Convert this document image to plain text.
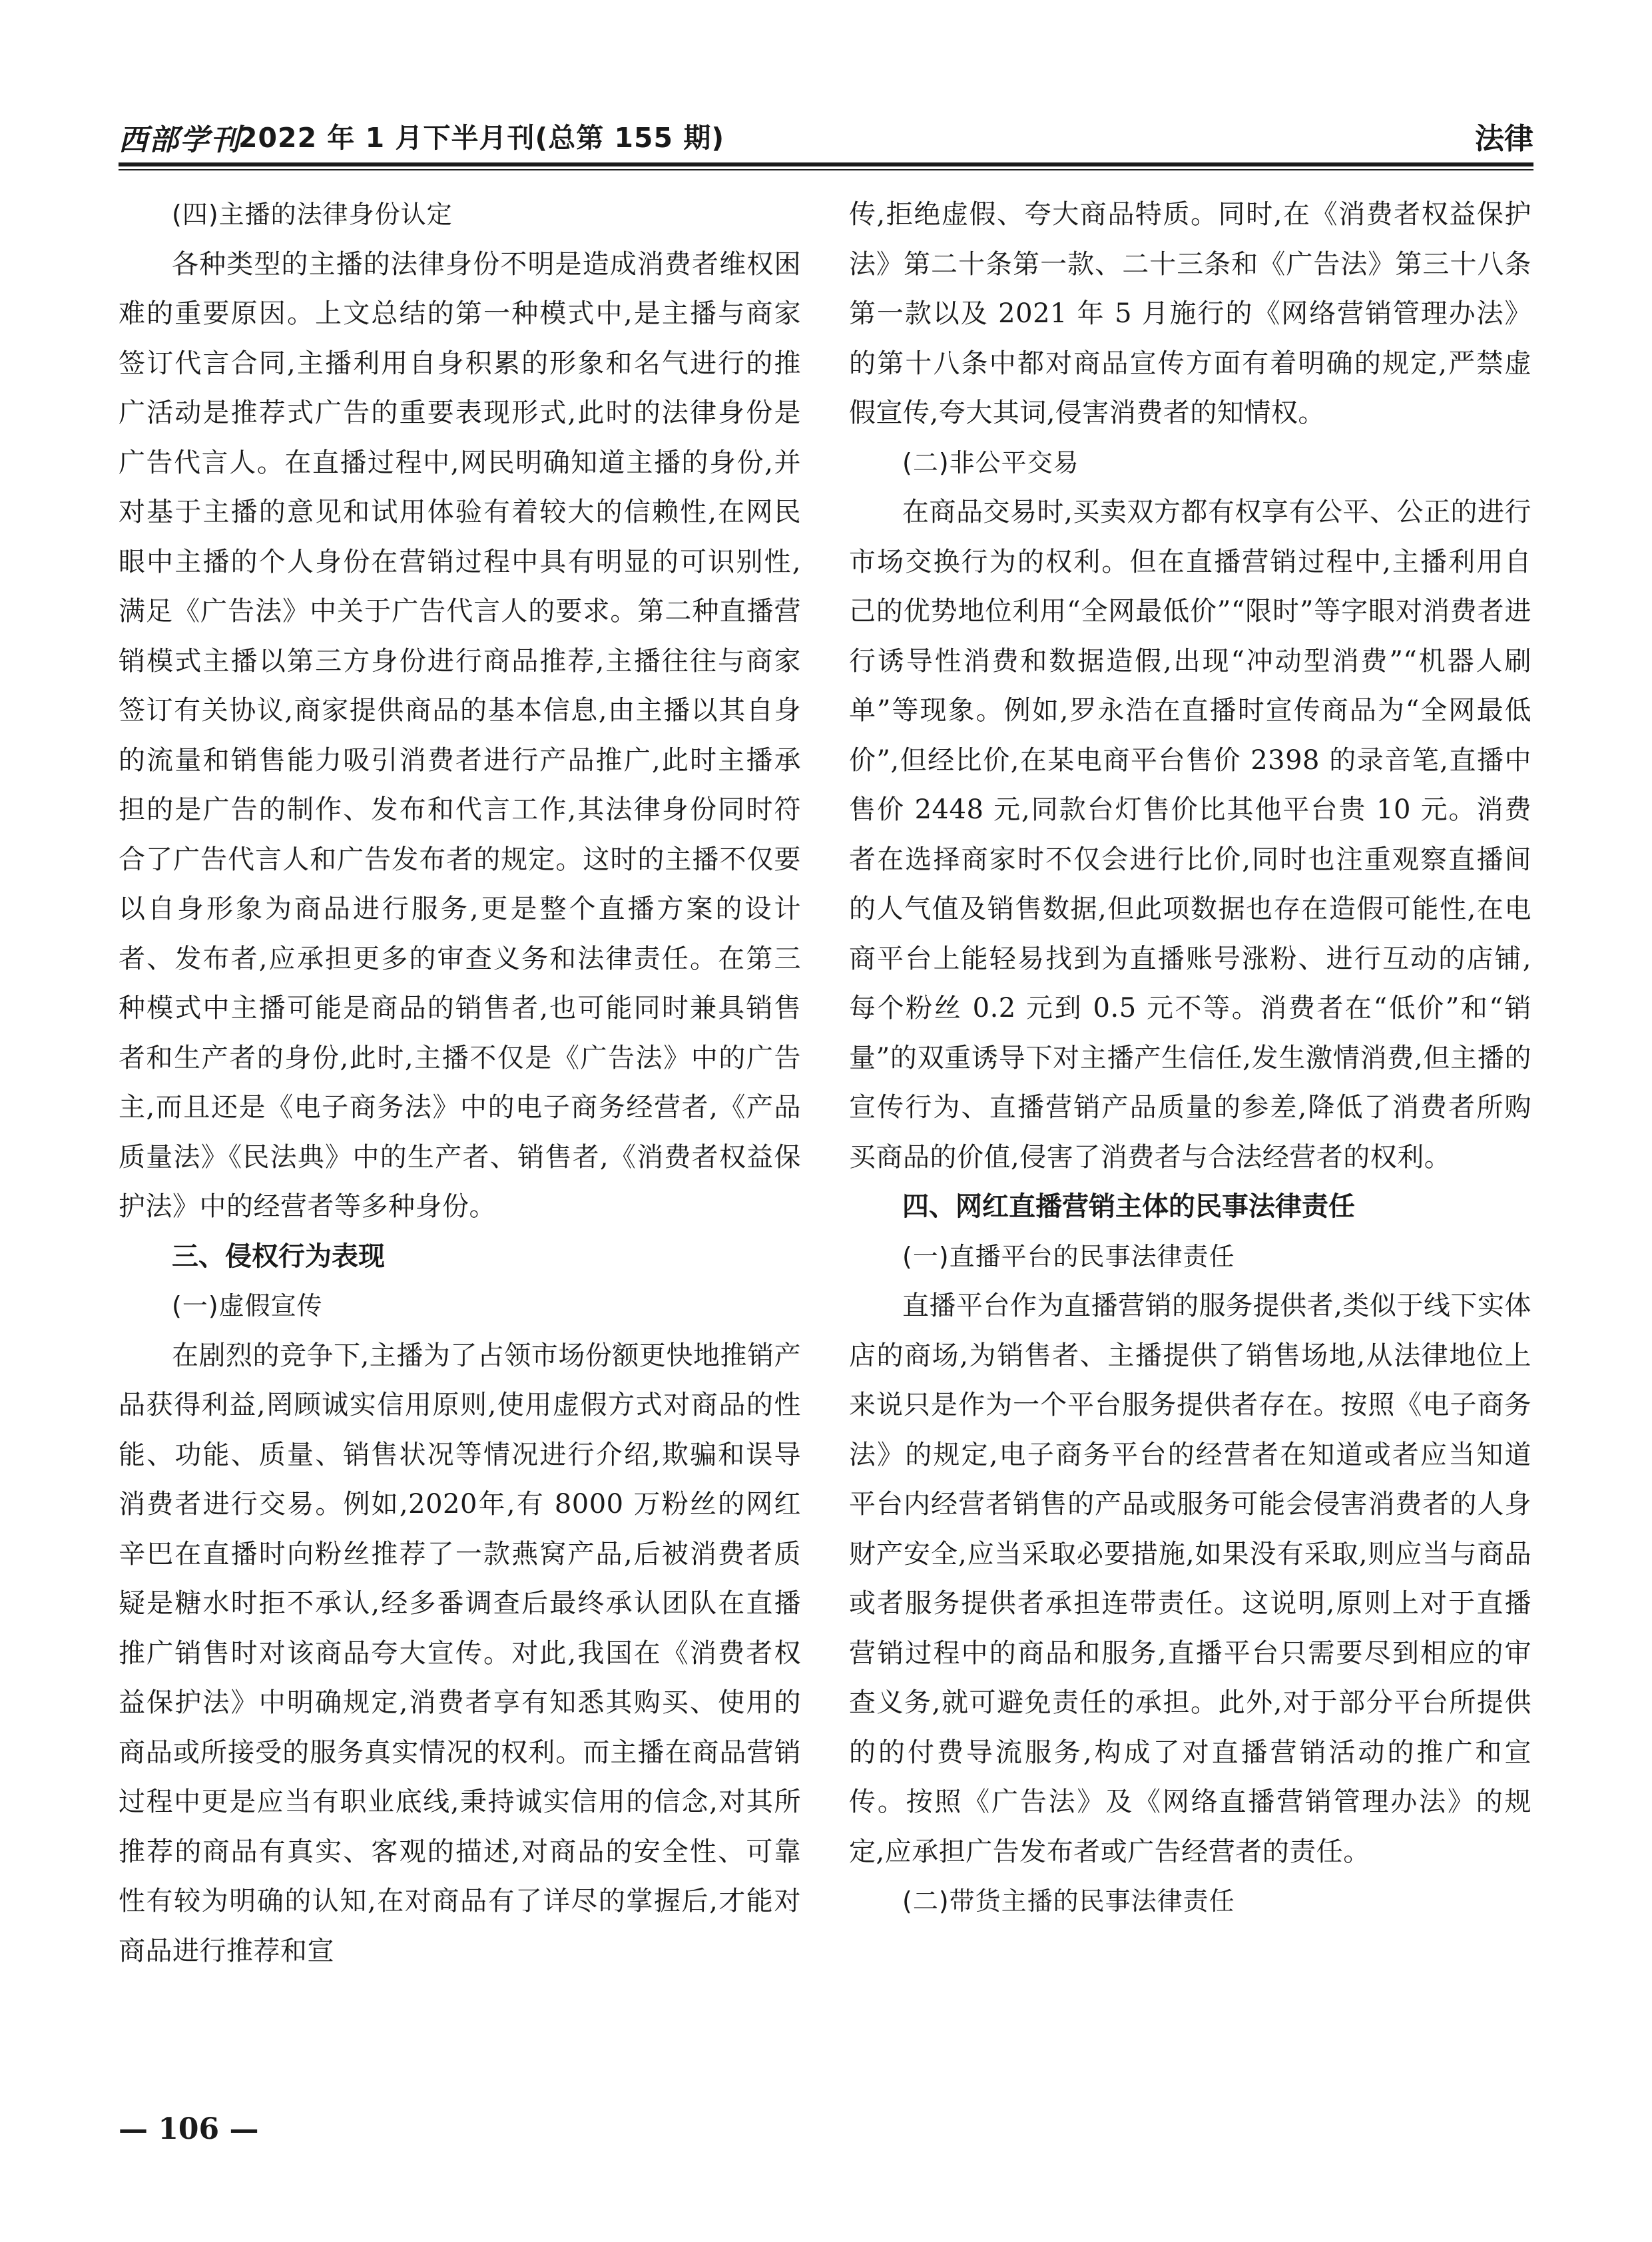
西部学刊
2022 年 1 月下半月刊(总第 155 期)	法律

(四)主播的法律身份认定

各种类型的主播的法律身份不明是造成消费者维权困难的重要原因。上文总结的第一种模式中,是主播与商家签订代言合同,主播利用自身积累的形象和名气进行的推广活动是推荐式广告的重要表现形式,此时的法律身份是广告代言人。在直播过程中,网民明确知道主播的身份,并对基于主播的意见和试用体验有着较大的信赖性,在网民眼中主播的个人身份在营销过程中具有明显的可识别性,满足《广告法》中关于广告代言人的要求。第二种直播营销模式主播以第三方身份进行商品推荐,主播往往与商家签订有关协议,商家提供商品的基本信息,由主播以其自身的流量和销售能力吸引消费者进行产品推广,此时主播承担的是广告的制作、发布和代言工作,其法律身份同时符合了广告代言人和广告发布者的规定。这时的主播不仅要以自身形象为商品进行服务,更是整个直播方案的设计者、发布者,应承担更多的审查义务和法律责任。在第三种模式中主播可能是商品的销售者,也可能同时兼具销售者和生产者的身份,此时,主播不仅是《广告法》中的广告主,而且还是《电子商务法》中的电子商务经营者,《产品质量法》《民法典》中的生产者、销售者,《消费者权益保护法》中的经营者等多种身份。

三、侵权行为表现

(一)虚假宣传

在剧烈的竞争下,主播为了占领市场份额更快地推销产品获得利益,罔顾诚实信用原则,使用虚假方式对商品的性能、功能、质量、销售状况等情况进行介绍,欺骗和误导消费者进行交易。例如,2020年,有 8000 万粉丝的网红辛巴在直播时向粉丝推荐了一款燕窝产品,后被消费者质疑是糖水时拒不承认,经多番调查后最终承认团队在直播推广销售时对该商品夸大宣传。对此,我国在《消费者权益保护法》中明确规定,消费者享有知悉其购买、使用的商品或所接受的服务真实情况的权利。而主播在商品营销过程中更是应当有职业底线,秉持诚实信用的信念,对其所推荐的商品有真实、客观的描述,对商品的安全性、可靠性有较为明确的认知,在对商品有了详尽的掌握后,才能对商品进行推荐和宣

传,拒绝虚假、夸大商品特质。同时,在《消费者权益保护法》第二十条第一款、二十三条和《广告法》第三十八条第一款以及 2021 年 5 月施行的《网络营销管理办法》的第十八条中都对商品宣传方面有着明确的规定,严禁虚假宣传,夸大其词,侵害消费者的知情权。

(二)非公平交易

在商品交易时,买卖双方都有权享有公平、公正的进行市场交换行为的权利。但在直播营销过程中,主播利用自己的优势地位利用“全网最低价”“限时”等字眼对消费者进行诱导性消费和数据造假,出现“冲动型消费”“机器人刷单”等现象。例如,罗永浩在直播时宣传商品为“全网最低价”,但经比价,在某电商平台售价 2398 的录音笔,直播中售价 2448 元,同款台灯售价比其他平台贵 10 元。消费者在选择商家时不仅会进行比价,同时也注重观察直播间的人气值及销售数据,但此项数据也存在造假可能性,在电商平台上能轻易找到为直播账号涨粉、进行互动的店铺,每个粉丝 0.2 元到 0.5 元不等。消费者在“低价”和“销量”的双重诱导下对主播产生信任,发生激情消费,但主播的宣传行为、直播营销产品质量的参差,降低了消费者所购买商品的价值,侵害了消费者与合法经营者的权利。

四、网红直播营销主体的民事法律责任

(一)直播平台的民事法律责任

直播平台作为直播营销的服务提供者,类似于线下实体店的商场,为销售者、主播提供了销售场地,从法律地位上来说只是作为一个平台服务提供者存在。按照《电子商务法》的规定,电子商务平台的经营者在知道或者应当知道平台内经营者销售的产品或服务可能会侵害消费者的人身财产安全,应当采取必要措施,如果没有采取,则应当与商品或者服务提供者承担连带责任。这说明,原则上对于直播营销过程中的商品和服务,直播平台只需要尽到相应的审查义务,就可避免责任的承担。此外,对于部分平台所提供的的付费导流服务,构成了对直播营销活动的推广和宣传。按照《广告法》及《网络直播营销管理办法》的规定,应承担广告发布者或广告经营者的责任。

(二)带货主播的民事法律责任

— 106 —
